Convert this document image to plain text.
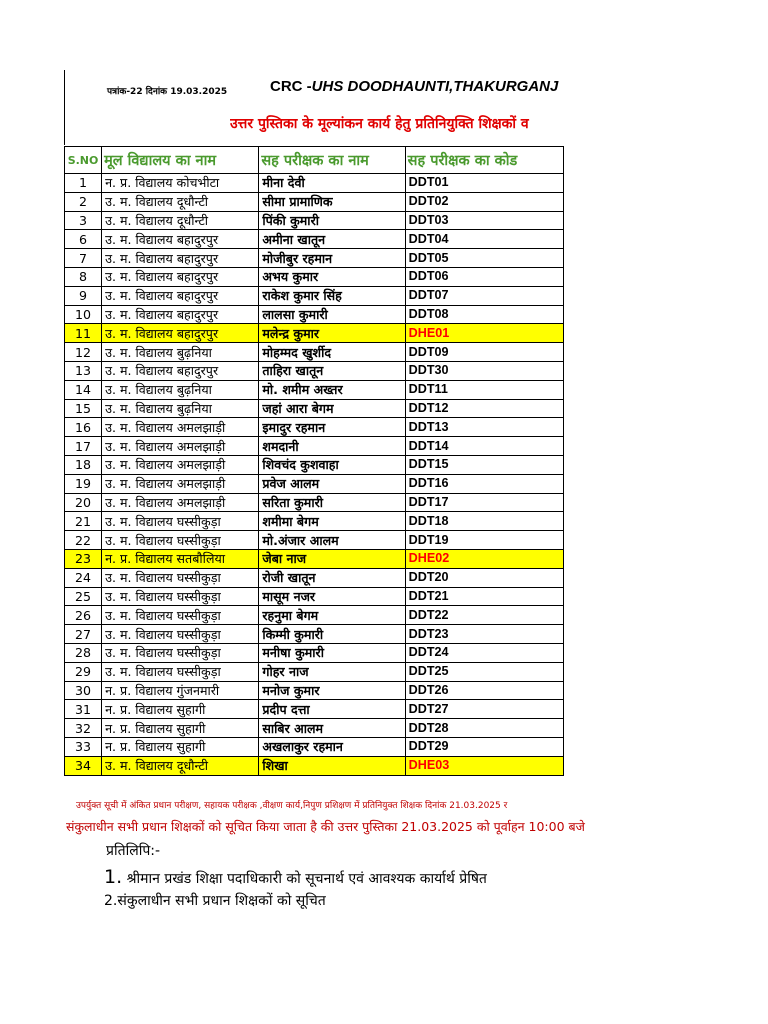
पत्रांक-22 दिनांक 19.03.2025	CRC -UHS DOODHAUNTI,THAKURGANJ
उत्तर पुस्तिका के मूल्यांकन कार्य हेतु प्रतिनियुक्ति शिक्षकों व
S.NO	मूल विद्यालय का नाम	सह परीक्षक का नाम	सह परीक्षक का कोड
1	न. प्र. विद्यालय कोचभीटा	मीना देवी	DDT01
2	उ. म. विद्यालय दूधौन्टी	सीमा प्रामाणिक	DDT02
3	उ. म. विद्यालय दूधौन्टी	पिंकी कुमारी	DDT03
6	उ. म. विद्यालय बहादुरपुर	अमीना खातून	DDT04
7	उ. म. विद्यालय बहादुरपुर	मोजीबुर रहमान	DDT05
8	उ. म. विद्यालय बहादुरपुर	अभय कुमार	DDT06
9	उ. म. विद्यालय बहादुरपुर	राकेश कुमार सिंह	DDT07
10	उ. म. विद्यालय बहादुरपुर	लालसा कुमारी	DDT08
11	उ. म. विद्यालय बहादुरपुर	मलेन्द्र कुमार	DHE01
12	उ. म. विद्यालय बुढ़निया	मोहम्मद खुर्शीद	DDT09
13	उ. म. विद्यालय बहादुरपुर	ताहिरा खातून	DDT30
14	उ. म. विद्यालय बुढ़निया	मो. शमीम अख्तर	DDT11
15	उ. म. विद्यालय बुढ़निया	जहां आरा बेगम	DDT12
16	उ. म. विद्यालय अमलझाड़ी	इमादुर रहमान	DDT13
17	उ. म. विद्यालय अमलझाड़ी	शमदानी	DDT14
18	उ. म. विद्यालय अमलझाड़ी	शिवचंद कुशवाहा	DDT15
19	उ. म. विद्यालय अमलझाड़ी	प्रवेज आलम	DDT16
20	उ. म. विद्यालय अमलझाड़ी	सरिता कुमारी	DDT17
21	उ. म. विद्यालय घस्सीकुड़ा	शमीमा बेगम	DDT18
22	उ. म. विद्यालय घस्सीकुड़ा	मो.अंजार आलम	DDT19
23	न. प्र. विद्यालय सतबौलिया	जेबा नाज	DHE02
24	उ. म. विद्यालय घस्सीकुड़ा	रोजी खातून	DDT20
25	उ. म. विद्यालय घस्सीकुड़ा	मासूम नजर	DDT21
26	उ. म. विद्यालय घस्सीकुड़ा	रहनुमा बेगम	DDT22
27	उ. म. विद्यालय घस्सीकुड़ा	किम्मी कुमारी	DDT23
28	उ. म. विद्यालय घस्सीकुड़ा	मनीषा कुमारी	DDT24
29	उ. म. विद्यालय घस्सीकुड़ा	गोहर नाज	DDT25
30	न. प्र. विद्यालय गुंजनमारी	मनोज कुमार	DDT26
31	न. प्र. विद्यालय सुहागी	प्रदीप दत्ता	DDT27
32	न. प्र. विद्यालय सुहागी	साबिर आलम	DDT28
33	न. प्र. विद्यालय सुहागी	अखलाकुर रहमान	DDT29
34	उ. म. विद्यालय दूधौन्टी	शिखा	DHE03
उपर्युक्त सूची में अंकित प्रधान परीक्षण, सहायक परीक्षक ,वीक्षण कार्य,निपुण प्रशिक्षण में प्रतिनियुक्त शिक्षक दिनांक 21.03.2025 र
संकुलाधीन सभी प्रधान शिक्षकों को सूचित किया जाता है की उत्तर पुस्तिका 21.03.2025 को पूर्वाहन 10:00 बजे
प्रतिलिपि:-
1. श्रीमान प्रखंड शिक्षा पदाधिकारी को सूचनार्थ एवं आवश्यक कार्यार्थ प्रेषित
2.संकुलाधीन सभी प्रधान शिक्षकों को सूचित
